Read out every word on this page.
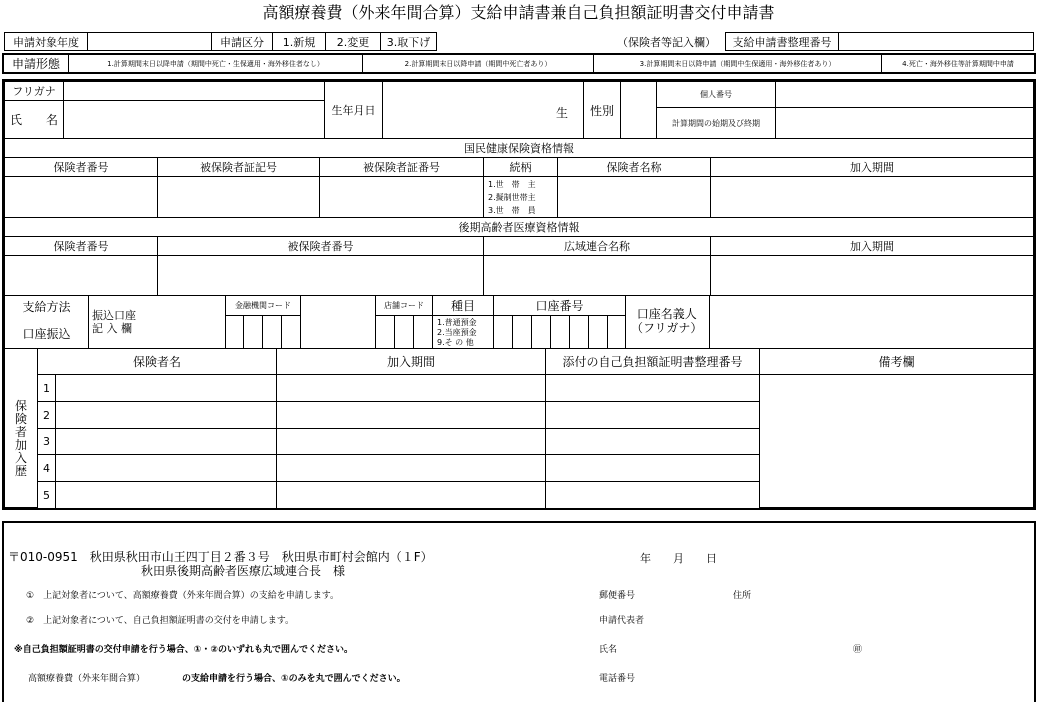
高額療養費（外来年間合算）支給申請書兼自己負担額証明書交付申請書
申請対象年度	申請区分 1.新規 2.変更 3.取下げ	（保険者等記入欄） 支給申請書整理番号
申請形態	1.計算期間末日以降申請（期間中死亡・生保適用・海外移住者なし）	2.計算期間末日以降申請（期間中死亡者あり）	3.計算期間末日以降申請（期間中生保適用・海外移住者あり）	4.死亡・海外移住等計算期間中申請
フリガナ
氏　　名
生年月日	生 性別
個人番号
計算期間の始期及び終期
国民健康保険資格情報
保険者番号	被保険者証記号	被保険者証番号	続柄	保険者名称	加入期間
1.世　帯　主
2.擬制世帯主
3.世　帯　員
後期高齢者医療資格情報
保険者番号	被保険者番号	広域連合名称	加入期間
支給方法
口座振込
振込口座
記 入 欄
金融機関コード	店舗コード 種目
1.普通預金
2.当座預金
9.そ の 他
口座番号
口座名義人
（フリガナ）
保険者加入歴
保険者名	加入期間	添付の自己負担額証明書整理番号	備考欄
1
2
3
4
5
〒010-0951　秋田県秋田市山王四丁目２番３号　秋田県市町村会館内（１F）
秋田県後期高齢者医療広域連合長　様
年 月 日
①　上記対象者について、高額療養費（外来年間合算）の支給を申請します。
②　上記対象者について、自己負担額証明書の交付を申請します。
※自己負担額証明書の交付申請を行う場合、①・②のいずれも丸で囲んでください。
高額療養費（外来年間合算）	の支給申請を行う場合、①のみを丸で囲んでください。
郵便番号	住所
申請代表者
氏名	㊞
電話番号
